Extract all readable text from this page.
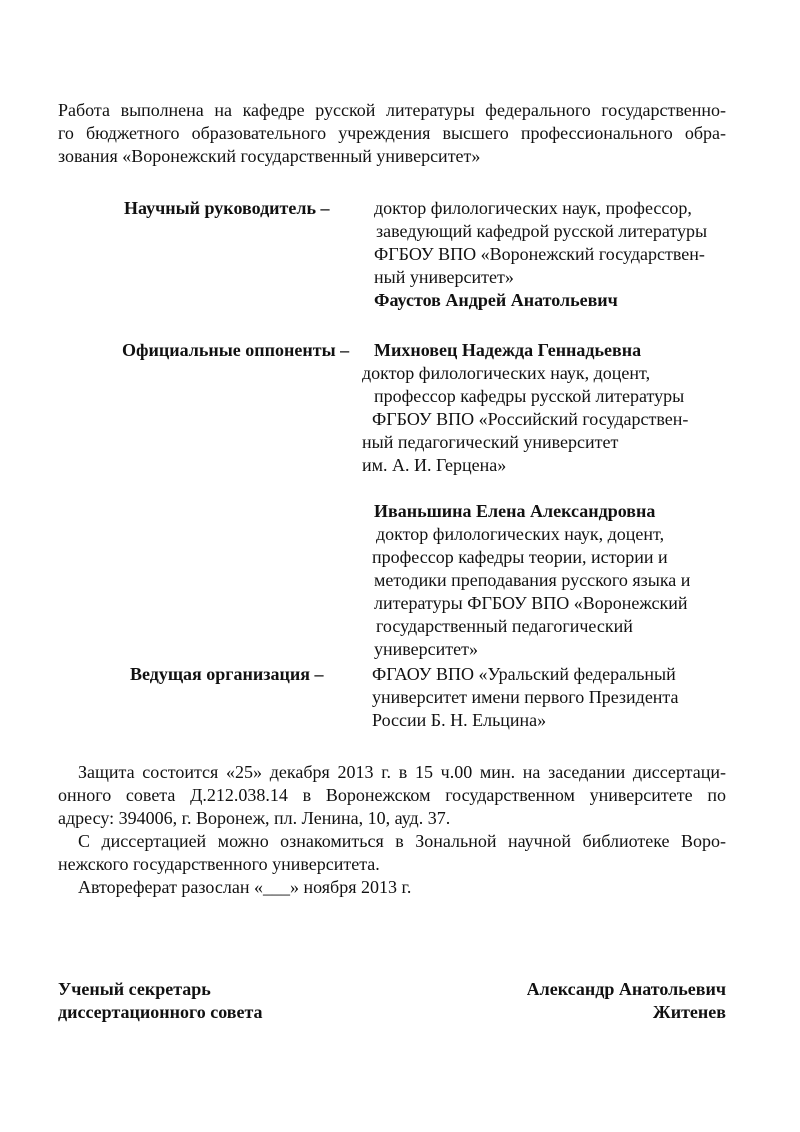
Работа выполнена на кафедре русской литературы федерального государственно-
го бюджетного образовательного учреждения высшего профессионального обра-
зования «Воронежский государственный университет»
Научный руководитель – доктор филологических наук, профессор,
заведующий кафедрой русской литературы
ФГБОУ ВПО «Воронежский государствен-
ный университет»
Фаустов Андрей Анатольевич
Официальные оппоненты –	Михновец Надежда Геннадьевна
доктор филологических наук, доцент,
профессор кафедры русской литературы
ФГБОУ ВПО «Российский государствен-
ный педагогический университет
им. А. И. Герцена»
Иваньшина Елена Александровна
доктор филологических наук, доцент,
профессор кафедры теории, истории и
методики преподавания русского языка и
литературы ФГБОУ ВПО «Воронежский
государственный педагогический
университет»
Ведущая организация –	ФГАОУ ВПО «Уральский федеральный
университет имени первого Президента
России Б. Н. Ельцина»
Защита состоится «25» декабря 2013 г. в 15 ч.00 мин. на заседании диссертаци-
онного совета Д.212.038.14 в Воронежском государственном университете по
адресу: 394006, г. Воронеж, пл. Ленина, 10, ауд. 37.
С диссертацией можно ознакомиться в Зональной научной библиотеке Воро-
нежского государственного университета.
Автореферат разослан «___» ноября 2013 г.
Ученый секретарь
диссертационного совета
Александр Анатольевич
Житенев
